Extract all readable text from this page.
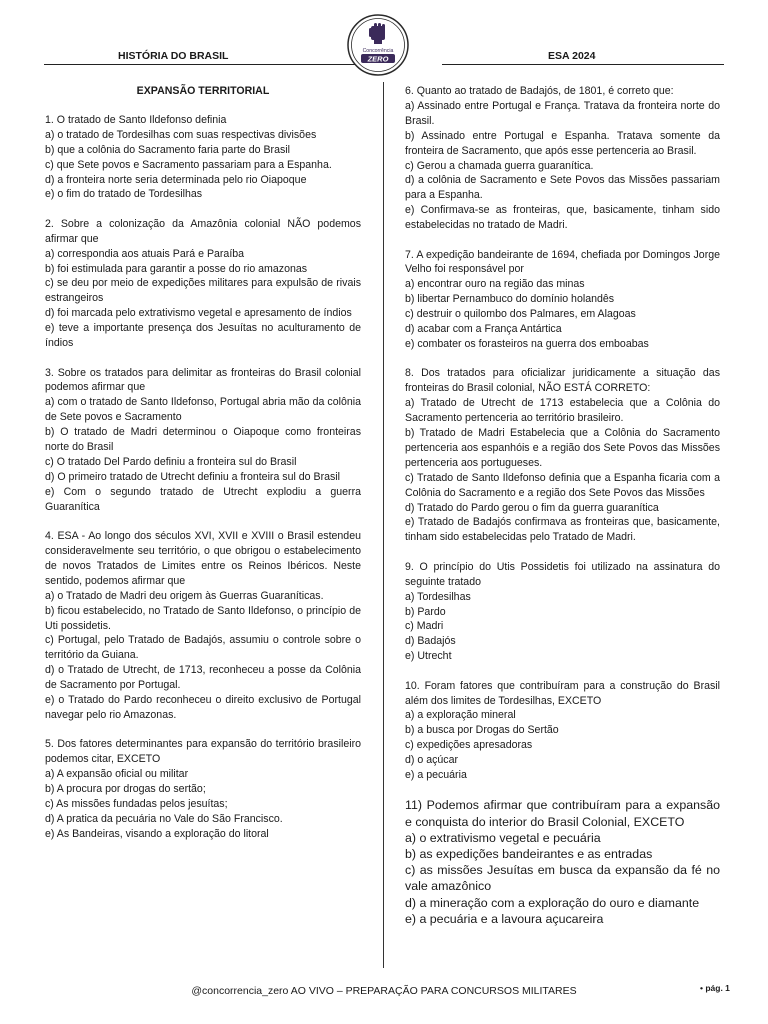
HISTÓRIA DO BRASIL	ESA 2024
Concorrência
ZERO
EXPANSÃO TERRITORIAL

1. O tratado de Santo Ildefonso definia

a) o tratado de Tordesilhas com suas respectivas divisões

b) que a colônia do Sacramento faria parte do Brasil

c) que Sete povos e Sacramento passariam para a Espanha.

d) a fronteira norte seria determinada pelo rio Oiapoque

e) o fim do tratado de Tordesilhas

2. Sobre a colonização da Amazônia colonial NÃO podemos afirmar que

a) correspondia aos atuais Pará e Paraíba

b) foi estimulada para garantir a posse do rio amazonas

c) se deu por meio de expedições militares para expulsão de rivais estrangeiros

d) foi marcada pelo extrativismo vegetal e apresamento de índios

e) teve a importante presença dos Jesuítas no aculturamento de índios

3. Sobre os tratados para delimitar as fronteiras do Brasil colonial podemos afirmar que

a) com o tratado de Santo Ildefonso, Portugal abria mão da colônia de Sete povos e Sacramento

b) O tratado de Madri determinou o Oiapoque como fronteiras norte do Brasil

c) O tratado Del Pardo definiu a fronteira sul do Brasil

d) O primeiro tratado de Utrecht definiu a fronteira sul do Brasil

e) Com o segundo tratado de Utrecht explodiu a guerra Guaranítica

4. ESA - Ao longo dos séculos XVI, XVII e XVIII o Brasil estendeu consideravelmente seu território, o que obrigou o estabelecimento de novos Tratados de Limites entre os Reinos Ibéricos. Neste sentido, podemos afirmar que

a) o Tratado de Madri deu origem às Guerras Guaraníticas.

b) ficou estabelecido, no Tratado de Santo Ildefonso, o princípio de Uti possidetis.

c) Portugal, pelo Tratado de Badajós, assumiu o controle sobre o território da Guiana.

d) o Tratado de Utrecht, de 1713, reconheceu a posse da Colônia de Sacramento por Portugal.

e) o Tratado do Pardo reconheceu o direito exclusivo de Portugal navegar pelo rio Amazonas.

5. Dos fatores determinantes para expansão do território brasileiro podemos citar, EXCETO

a) A expansão oficial ou militar

b) A procura por drogas do sertão;

c) As missões fundadas pelos jesuítas;

d) A pratica da pecuária no Vale do São Francisco.

e) As Bandeiras, visando a exploração do litoral

6. Quanto ao tratado de Badajós, de 1801, é correto que:

a) Assinado entre Portugal e França. Tratava da fronteira norte do Brasil.

b) Assinado entre Portugal e Espanha. Tratava somente da fronteira de Sacramento, que após esse pertenceria ao Brasil.

c) Gerou a chamada guerra guaranítica.

d) a colônia de Sacramento e Sete Povos das Missões passariam para a Espanha.

e) Confirmava-se as fronteiras, que, basicamente, tinham sido estabelecidas no tratado de Madri.

7. A expedição bandeirante de 1694, chefiada por Domingos Jorge Velho foi responsável por

a) encontrar ouro na região das minas

b) libertar Pernambuco do domínio holandês

c) destruir o quilombo dos Palmares, em Alagoas

d) acabar com a França Antártica

e) combater os forasteiros na guerra dos emboabas

8. Dos tratados para oficializar juridicamente a situação das fronteiras do Brasil colonial, NÃO ESTÁ CORRETO:

a) Tratado de Utrecht de 1713 estabelecia que a Colônia do Sacramento pertenceria ao território brasileiro.

b) Tratado de Madri Estabelecia que a Colônia do Sacramento pertenceria aos espanhóis e a região dos Sete Povos das Missões pertenceria aos portugueses.

c) Tratado de Santo Ildefonso definia que a Espanha ficaria com a Colônia do Sacramento e a região dos Sete Povos das Missões

d) Tratado do Pardo gerou o fim da guerra guaranítica

e) Tratado de Badajós confirmava as fronteiras que, basicamente, tinham sido estabelecidas pelo Tratado de Madri.

9. O princípio do Utis Possidetis foi utilizado na assinatura do seguinte tratado

a) Tordesilhas

b) Pardo

c) Madri

d) Badajós

e) Utrecht

10. Foram fatores que contribuíram para a construção do Brasil além dos limites de Tordesilhas, EXCETO

a) a exploração mineral

b) a busca por Drogas do Sertão

c) expedições apresadoras

d) o açúcar

e) a pecuária

11) Podemos afirmar que contribuíram para a expansão e conquista do interior do Brasil Colonial, EXCETO

a) o extrativismo vegetal e pecuária

b) as expedições bandeirantes e as entradas

c) as missões Jesuítas em busca da expansão da fé no vale amazônico

d) a mineração com a exploração do ouro e diamante

e) a pecuária e a lavoura açucareira

@concorrencia_zero AO VIVO – PREPARAÇÃO PARA CONCURSOS MILITARES	• pág. 1
